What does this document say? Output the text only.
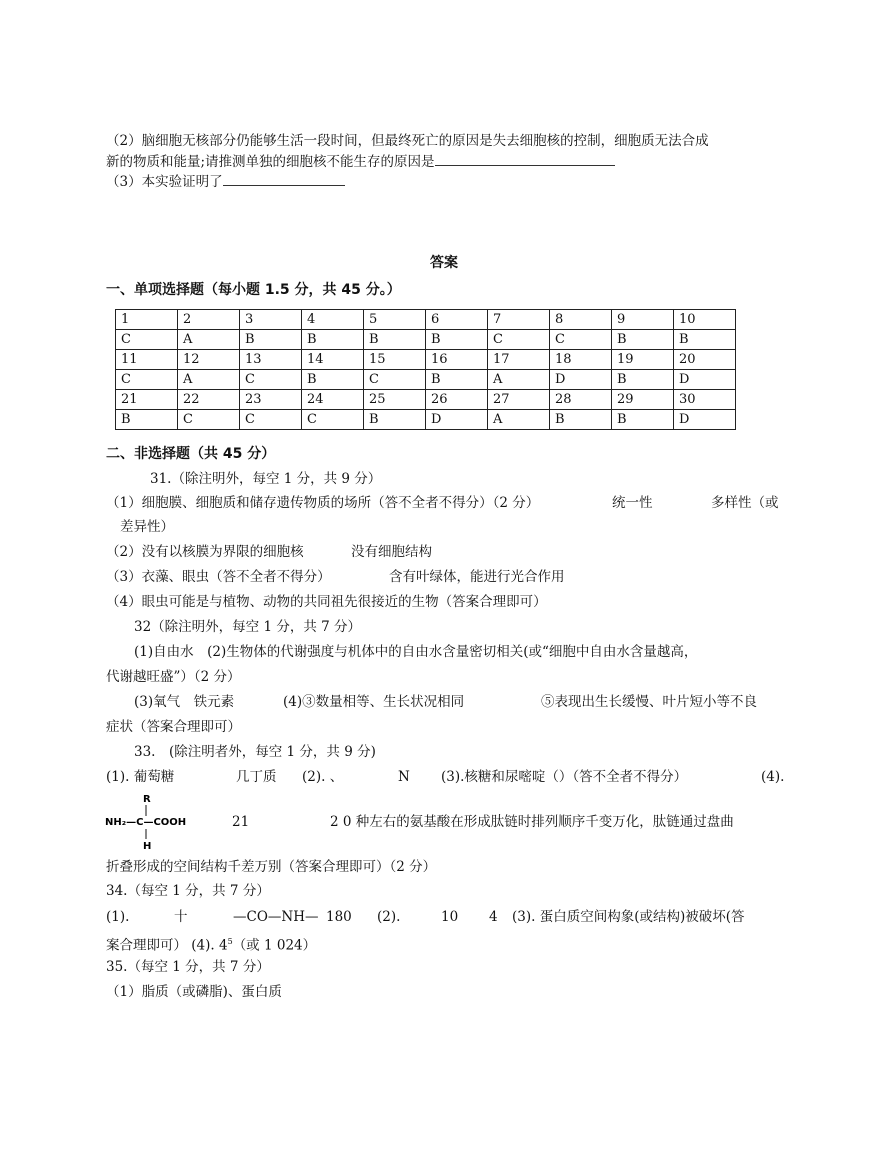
（2）脑细胞无核部分仍能够生活一段时间，但最终死亡的原因是失去细胞核的控制，细胞质无法合成
新的物质和能量;请推测单独的细胞核不能生存的原因是
（3）本实验证明了
答案
一、单项选择题（每小题 1.5 分，共 45 分。）
1	2	3	4	5	6	7	8	9	10
C	A	B	B	B	B	C	C	B	B
11	12	13	14	15	16	17	18	19	20
C	A	C	B	C	B	A	D	B	D
21	22	23	24	25	26	27	28	29	30
B	C	C	C	B	D	A	B	B	D
二、非选择题（共 45 分）
31.（除注明外，每空 1 分，共 9 分）
（1）细胞膜、细胞质和储存遗传物质的场所（答不全者不得分）（2 分）	统一性	多样性（或
差异性）
（2）没有以核膜为界限的细胞核	没有细胞结构
（3）衣藻、眼虫（答不全者不得分）	含有叶绿体，能进行光合作用
（4）眼虫可能是与植物、动物的共同祖先很接近的生物（答案合理即可）
32（除注明外，每空 1 分，共 7 分）
(1)自由水　(2)生物体的代谢强度与机体中的自由水含量密切相关(或“细胞中自由水含量越高，
代谢越旺盛”）（2 分）
(3)氧气　铁元素	(4)③数量相等、生长状况相同	⑤表现出生长缓慢、叶片短小等不良
症状（答案合理即可）
33.　(除注明者外，每空 1 分，共 9 分)
(1). 葡萄糖	几丁质 (2). 、	N (3).核糖和尿嘧啶（）（答不全者不得分）	(4).
R
NH₂—C—COOH
H
21	2 0 种左右的氨基酸在形成肽链时排列顺序千变万化，肽链通过盘曲
折叠形成的空间结构千差万别（答案合理即可）（2 分）
34.（每空 1 分，共 7 分）
(1).	十	—CO—NH— 180 (2).	10 4 (3). 蛋白质空间构象(或结构)被破坏(答
案合理即可） (4). $4^5$（或 1 024）
35.（每空 1 分，共 7 分）
（1）脂质（或磷脂)、蛋白质
